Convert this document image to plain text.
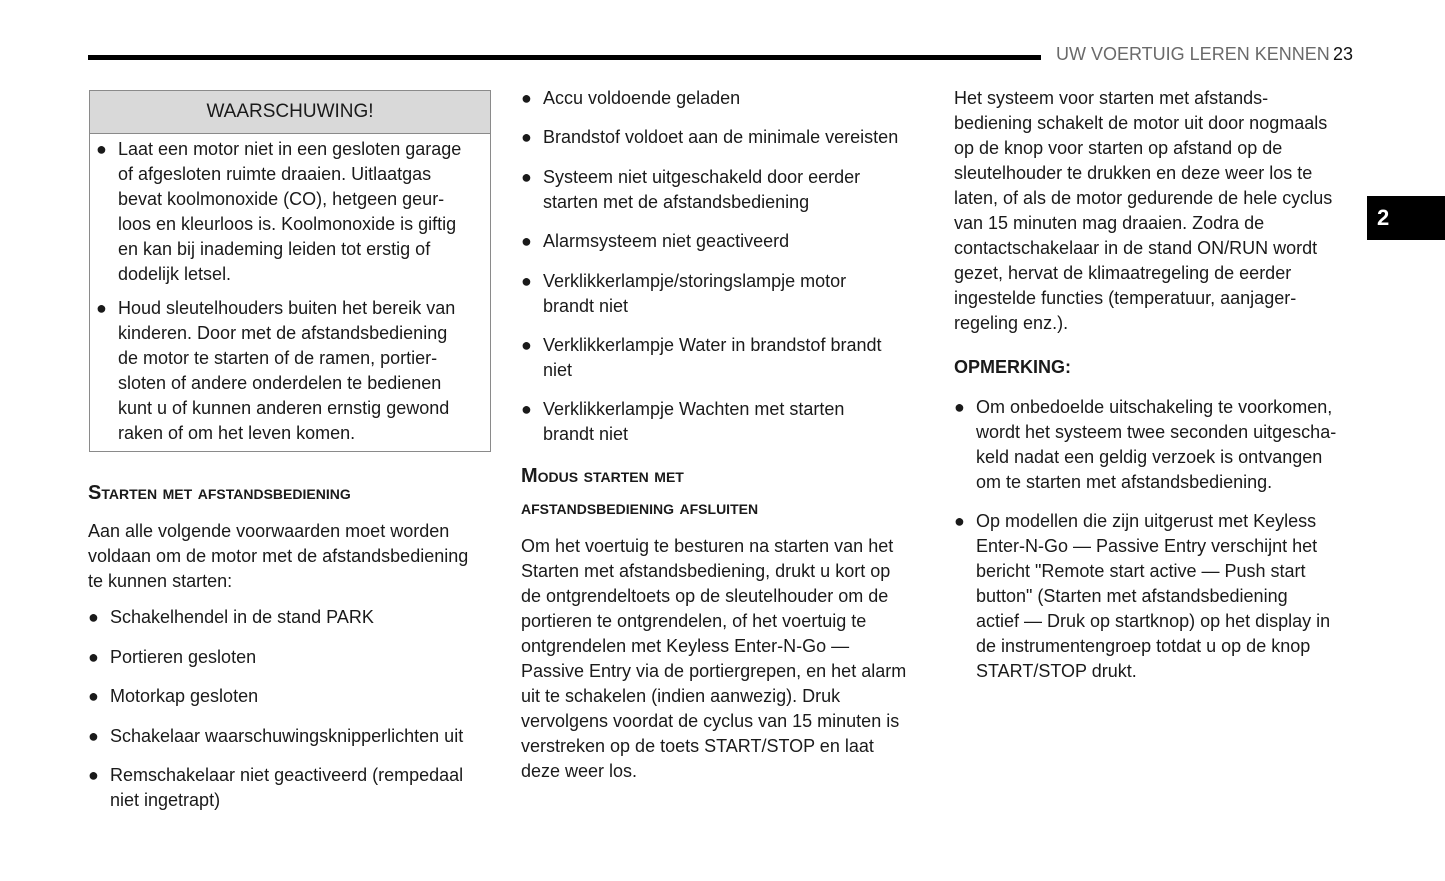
UW VOERTUIG LEREN KENNEN 23
2
WAARSCHUWING!
● Laat een motor niet in een gesloten garage
of afgesloten ruimte draaien. Uitlaatgas
bevat koolmonoxide (CO), hetgeen geur-
loos en kleurloos is. Koolmonoxide is giftig
en kan bij inademing leiden tot erstig of
dodelijk letsel.
● Houd sleutelhouders buiten het bereik van
kinderen. Door met de afstandsbediening
de motor te starten of de ramen, portier-
sloten of andere onderdelen te bedienen
kunt u of kunnen anderen ernstig gewond
raken of om het leven komen.
Starten met afstandsbediening
Aan alle volgende voorwaarden moet worden
voldaan om de motor met de afstandsbediening
te kunnen starten:
● Schakelhendel in de stand PARK
● Portieren gesloten
● Motorkap gesloten
● Schakelaar waarschuwingsknipperlichten uit
● Remschakelaar niet geactiveerd (rempedaal
niet ingetrapt)
● Accu voldoende geladen
● Brandstof voldoet aan de minimale vereisten
● Systeem niet uitgeschakeld door eerder
starten met de afstandsbediening
● Alarmsysteem niet geactiveerd
● Verklikkerlampje/storingslampje motor
brandt niet
● Verklikkerlampje Water in brandstof brandt
niet
● Verklikkerlampje Wachten met starten
brandt niet
Modus starten met
afstandsbediening afsluiten
Om het voertuig te besturen na starten van het
Starten met afstandsbediening, drukt u kort op
de ontgrendeltoets op de sleutelhouder om de
portieren te ontgrendelen, of het voertuig te
ontgrendelen met Keyless Enter-N-Go —
Passive Entry via de portiergrepen, en het alarm
uit te schakelen (indien aanwezig). Druk
vervolgens voordat de cyclus van 15 minuten is
verstreken op de toets START/STOP en laat
deze weer los.
Het systeem voor starten met afstands-
bediening schakelt de motor uit door nogmaals
op de knop voor starten op afstand op de
sleutelhouder te drukken en deze weer los te
laten, of als de motor gedurende de hele cyclus
van 15 minuten mag draaien. Zodra de
contactschakelaar in de stand ON/RUN wordt
gezet, hervat de klimaatregeling de eerder
ingestelde functies (temperatuur, aanjager-
regeling enz.).
OPMERKING:
● Om onbedoelde uitschakeling te voorkomen,
wordt het systeem twee seconden uitgescha-
keld nadat een geldig verzoek is ontvangen
om te starten met afstandsbediening.
● Op modellen die zijn uitgerust met Keyless
Enter-N-Go — Passive Entry verschijnt het
bericht "Remote start active — Push start
button" (Starten met afstandsbediening
actief — Druk op startknop) op het display in
de instrumentengroep totdat u op de knop
START/STOP drukt.
